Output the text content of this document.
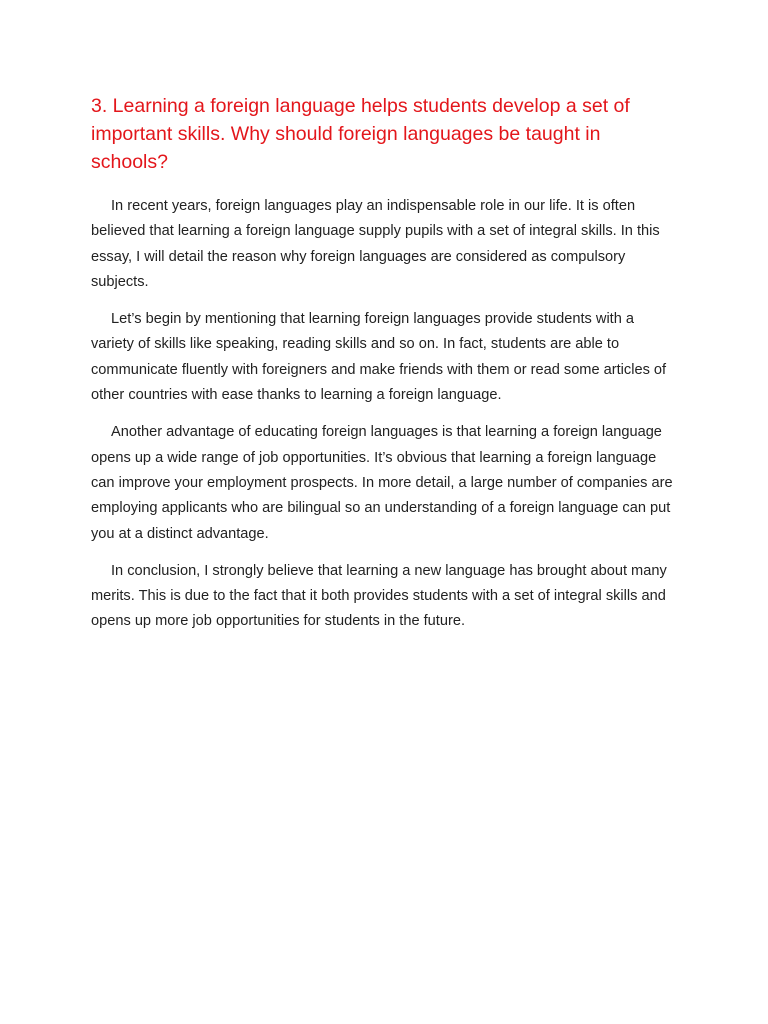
3. Learning a foreign language helps students develop a set of important skills. Why should foreign languages be taught in schools?

In recent years, foreign languages play an indispensable role in our life. It is often believed that learning a foreign language supply pupils with a set of integral skills. In this essay, I will detail the reason why foreign languages are considered as compulsory subjects.

Let’s begin by mentioning that learning foreign languages provide students with a variety of skills like speaking, reading skills and so on. In fact, students are able to communicate fluently with foreigners and make friends with them or read some articles of other countries with ease thanks to learning a foreign language.

Another advantage of educating foreign languages is that learning a foreign language opens up a wide range of job opportunities. It’s obvious that learning a foreign language can improve your employment prospects. In more detail, a large number of companies are employing applicants who are bilingual so an understanding of a foreign language can put you at a distinct advantage.

In conclusion, I strongly believe that learning a new language has brought about many merits. This is due to the fact that it both provides students with a set of integral skills and opens up more job opportunities for students in the future.
